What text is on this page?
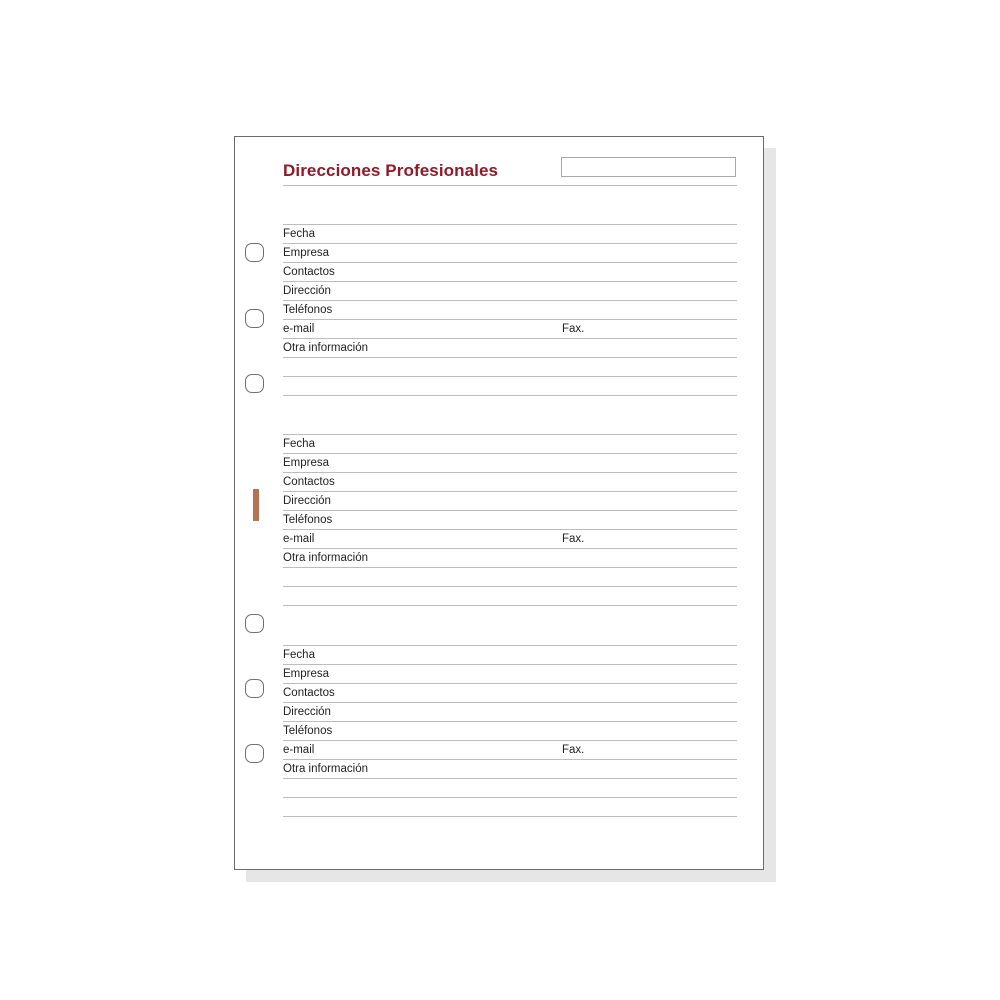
Direcciones Profesionales
Fecha
Empresa
Contactos
Dirección
Teléfonos
e-mail	Fax.
Otra información
Fecha
Empresa
Contactos
Dirección
Teléfonos
e-mail	Fax.
Otra información
Fecha
Empresa
Contactos
Dirección
Teléfonos
e-mail	Fax.
Otra información
